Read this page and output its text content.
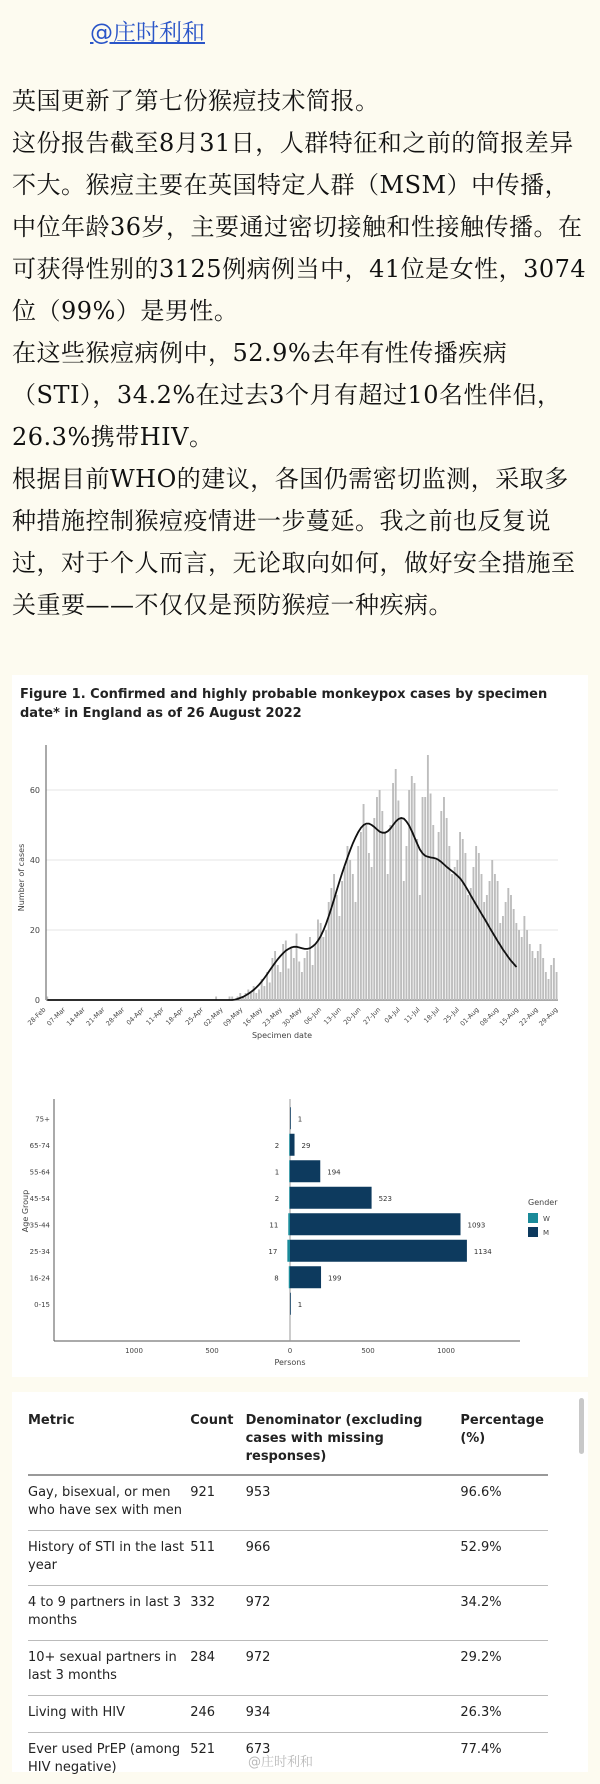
@庄时利和

英国更新了第七份猴痘技术简报。

这份报告截至8月31日，人群特征和之前的简报差异不大。猴痘主要在英国特定人群（MSM）中传播，中位年龄36岁，主要通过密切接触和性接触传播。在可获得性别的3125例病例当中，41位是女性，3074位（99%）是男性。

在这些猴痘病例中，52.9%去年有性传播疾病（STI），34.2%在过去3个月有超过10名性伴侣，26.3%携带HIV。

根据目前WHO的建议，各国仍需密切监测，采取多种措施控制猴痘疫情进一步蔓延。我之前也反复说过，对于个人而言，无论取向如何，做好安全措施至关重要——不仅仅是预防猴痘一种疾病。

Figure 1. Confirmed and highly probable monkeypox cases by specimen date* in England as of 26 August 2022
0
20
40
60
28-Feb
07-Mar
14-Mar
21-Mar
28-Mar
04-Apr
11-Apr
18-Apr
25-Apr
02-May
09-May
16-May
23-May
30-May 06-Jun 13-Jun 20-Jun 27-Jun 04-Jul 11-Jul 18-Jul 25-Jul
01-Aug
08-Aug
15-Aug
22-Aug
29-Aug
Number of cases
Specimen date
75+	1
65-74	2	29
55-64	1	194
45-54	2	523
35-44	11	1093
25-34	17	1134
16-24	8	199
0-15	1
1000	500	0	500	1000
Persons
Age Group	Gender
W
M
Metric	Count	Denominator (excluding cases with missing responses)	Percentage (%)
Gay, bisexual, or men who have sex with men	921	953	96.6%
History of STI in the last year	511	966	52.9%
4 to 9 partners in last 3 months	332	972	34.2%
10+ sexual partners in last 3 months	284	972	29.2%
Living with HIV	246	934	26.3%
Ever used PrEP (among HIV negative)	521	673	77.4%
@庄时利和
